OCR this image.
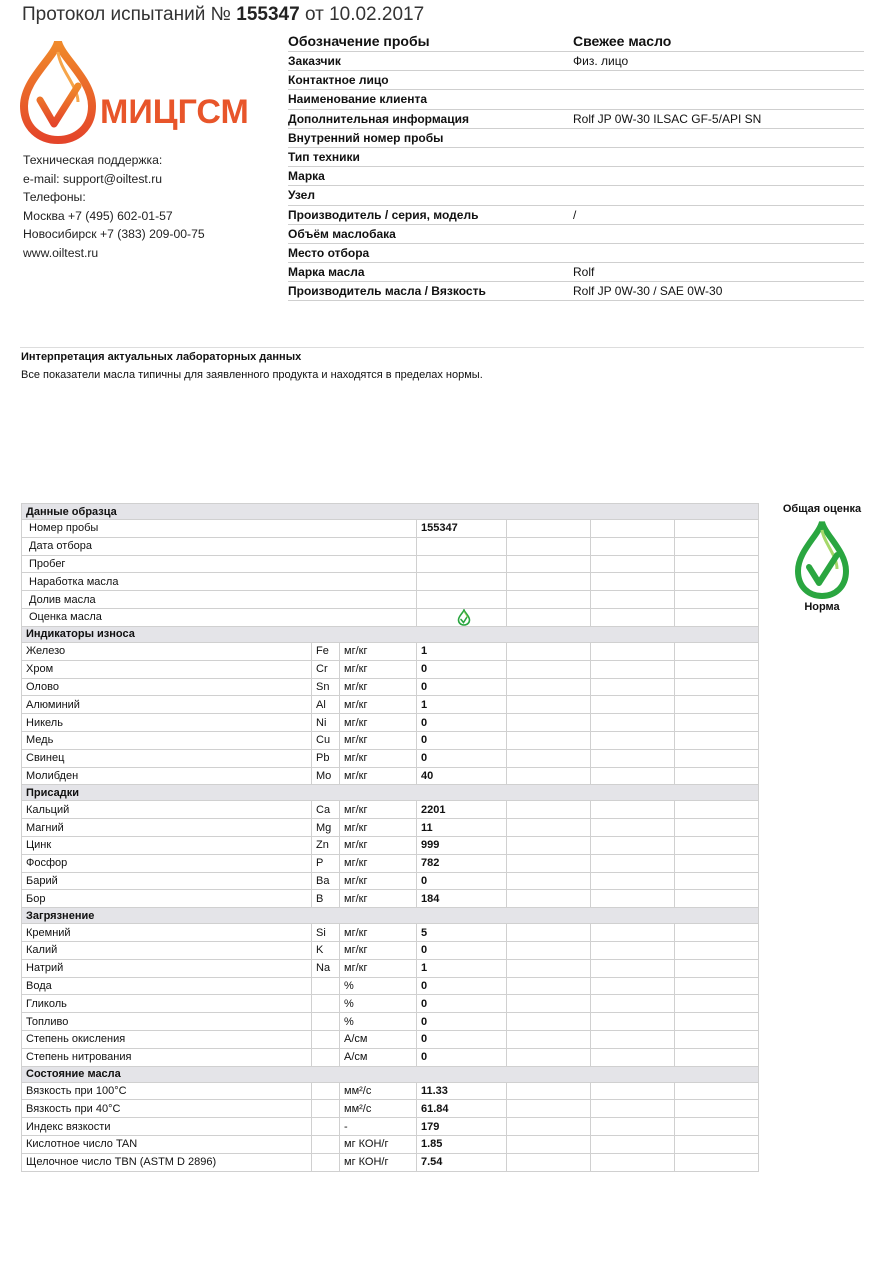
Протокол испытаний № 155347 от 10.02.2017
МИЦГСМ
Техническая поддержка:
e-mail: support@oiltest.ru
Телефоны:
Москва +7 (495) 602-01-57
Новосибирск +7 (383) 209-00-75
www.oiltest.ru
Обозначение пробы	Свежее масло
Заказчик	Физ. лицо
Контактное лицо	
Наименование клиента	
Дополнительная информация	Rolf JP 0W-30 ILSAC GF-5/API SN
Внутренний номер пробы	
Тип техники	
Марка	
Узел	
Производитель / серия, модель	/
Объём маслобака	
Место отбора	
Марка масла	Rolf
Производитель масла / Вязкость	Rolf JP 0W-30 / SAE 0W-30
Интерпретация актуальных лабораторных данных
Все показатели масла типичны для заявленного продукта и находятся в пределах нормы.
Данные образца						
Номер пробы			155347			
Дата отбора						
Пробег						
Наработка масла						
Долив масла						
Оценка масла	

Индикаторы износа						
Железо	Fe	мг/кг	1			
Хром	Cr	мг/кг	0			
Олово	Sn	мг/кг	0			
Алюминий	Al	мг/кг	1			
Никель	Ni	мг/кг	0			
Медь	Cu	мг/кг	0			
Свинец	Pb	мг/кг	0			
Молибден	Mo	мг/кг	40			
Присадки						
Кальций	Ca	мг/кг	2201			
Магний	Mg	мг/кг	11			
Цинк	Zn	мг/кг	999			
Фосфор	P	мг/кг	782			
Барий	Ba	мг/кг	0			
Бор	B	мг/кг	184			
Загрязнение						
Кремний	Si	мг/кг	5			
Калий	K	мг/кг	0			
Натрий	Na	мг/кг	1			
Вода		%	0			
Гликоль		%	0			
Топливо		%	0			
Степень окисления		A/см	0			
Степень нитрования		A/см	0			
Состояние масла						
Вязкость при 100°C		мм²/с	11.33			
Вязкость при 40°C		мм²/с	61.84			
Индекс вязкости		-	179			
Кислотное число TAN		мг КОН/г	1.85			
Щелочное число TBN (ASTM D 2896)		мг КОН/г	7.54			
Общая оценка
Норма
